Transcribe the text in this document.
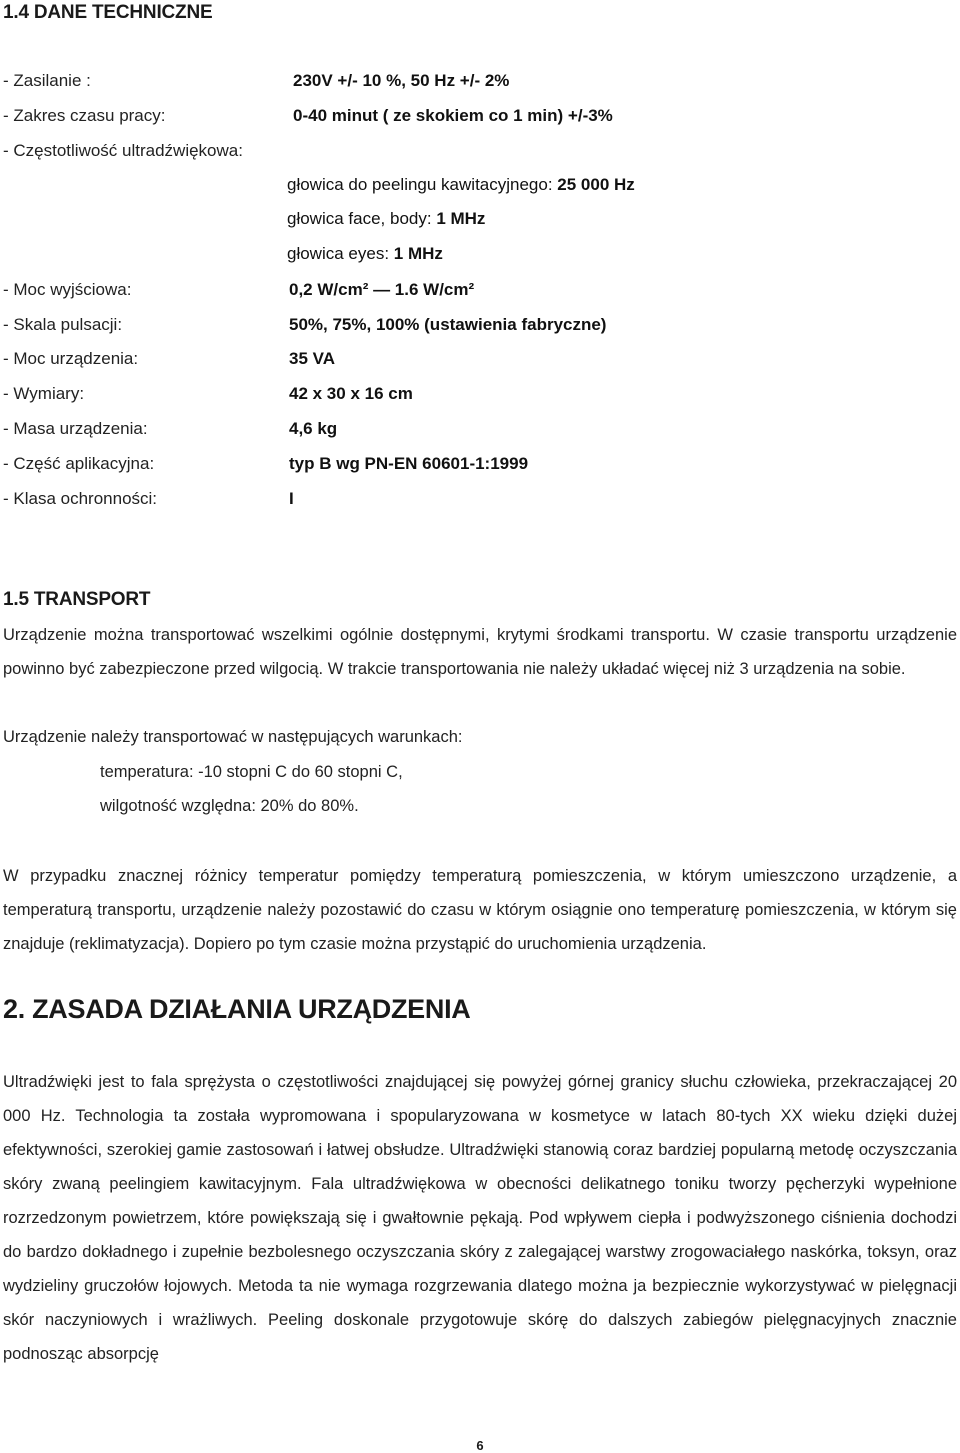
1.4 DANE TECHNICZNE
- Zasilanie :	230V +/- 10 %, 50 Hz +/- 2%
- Zakres czasu pracy:	0-40 minut ( ze skokiem co 1 min) +/-3%
- Częstotliwość ultradźwiękowa:
głowica do peelingu kawitacyjnego: 25 000 Hz
głowica face, body: 1 MHz
głowica eyes: 1 MHz
- Moc wyjściowa:	0,2 W/cm² — 1.6 W/cm²
- Skala pulsacji:	50%, 75%, 100% (ustawienia fabryczne)
- Moc urządzenia:	35 VA
- Wymiary:	42 x 30 x 16 cm
- Masa urządzenia:	4,6 kg
- Część aplikacyjna:	typ B wg PN-EN 60601-1:1999
- Klasa ochronności:	I
1.5 TRANSPORT

Urządzenie można transportować wszelkimi ogólnie dostępnymi, krytymi środkami transportu. W czasie transportu urządzenie powinno być zabezpieczone przed wilgocią. W trakcie transportowania nie należy układać więcej niż 3 urządzenia na sobie.

Urządzenie należy transportować w następujących warunkach:

temperatura: -10 stopni C do 60 stopni C,
wilgotność względna: 20% do 80%.

W przypadku znacznej różnicy temperatur pomiędzy temperaturą pomieszczenia, w którym umieszczono urządzenie, a temperaturą transportu, urządzenie należy pozostawić do czasu w którym osiągnie ono temperaturę pomieszczenia, w którym się znajduje (reklimatyzacja). Dopiero po tym czasie można przystąpić do uruchomienia urządzenia.

2. ZASADA DZIAŁANIA URZĄDZENIA

Ultradźwięki jest to fala sprężysta o częstotliwości znajdującej się powyżej górnej granicy słuchu człowieka, przekraczającej 20 000 Hz. Technologia ta została wypromowana i spopularyzowana w kosmetyce w latach 80-tych XX wieku dzięki dużej efektywności, szerokiej gamie zastosowań i łatwej obsłudze. Ultradźwięki stanowią coraz bardziej popularną metodę oczyszczania skóry zwaną peelingiem kawitacyjnym. Fala ultradźwiękowa w obecności delikatnego toniku tworzy pęcherzyki wypełnione rozrzedzonym powietrzem, które powiększają się i gwałtownie pękają. Pod wpływem ciepła i podwyższonego ciśnienia dochodzi do bardzo dokładnego i zupełnie bezbolesnego oczyszczania skóry z zalegającej warstwy zrogowaciałego naskórka, toksyn, oraz wydzieliny gruczołów łojowych. Metoda ta nie wymaga rozgrzewania dlatego można ja bezpiecznie wykorzystywać w pielęgnacji skór naczyniowych i wrażliwych. Peeling doskonale przygotowuje skórę do dalszych zabiegów pielęgnacyjnych znacznie podnosząc absorpcję

6
